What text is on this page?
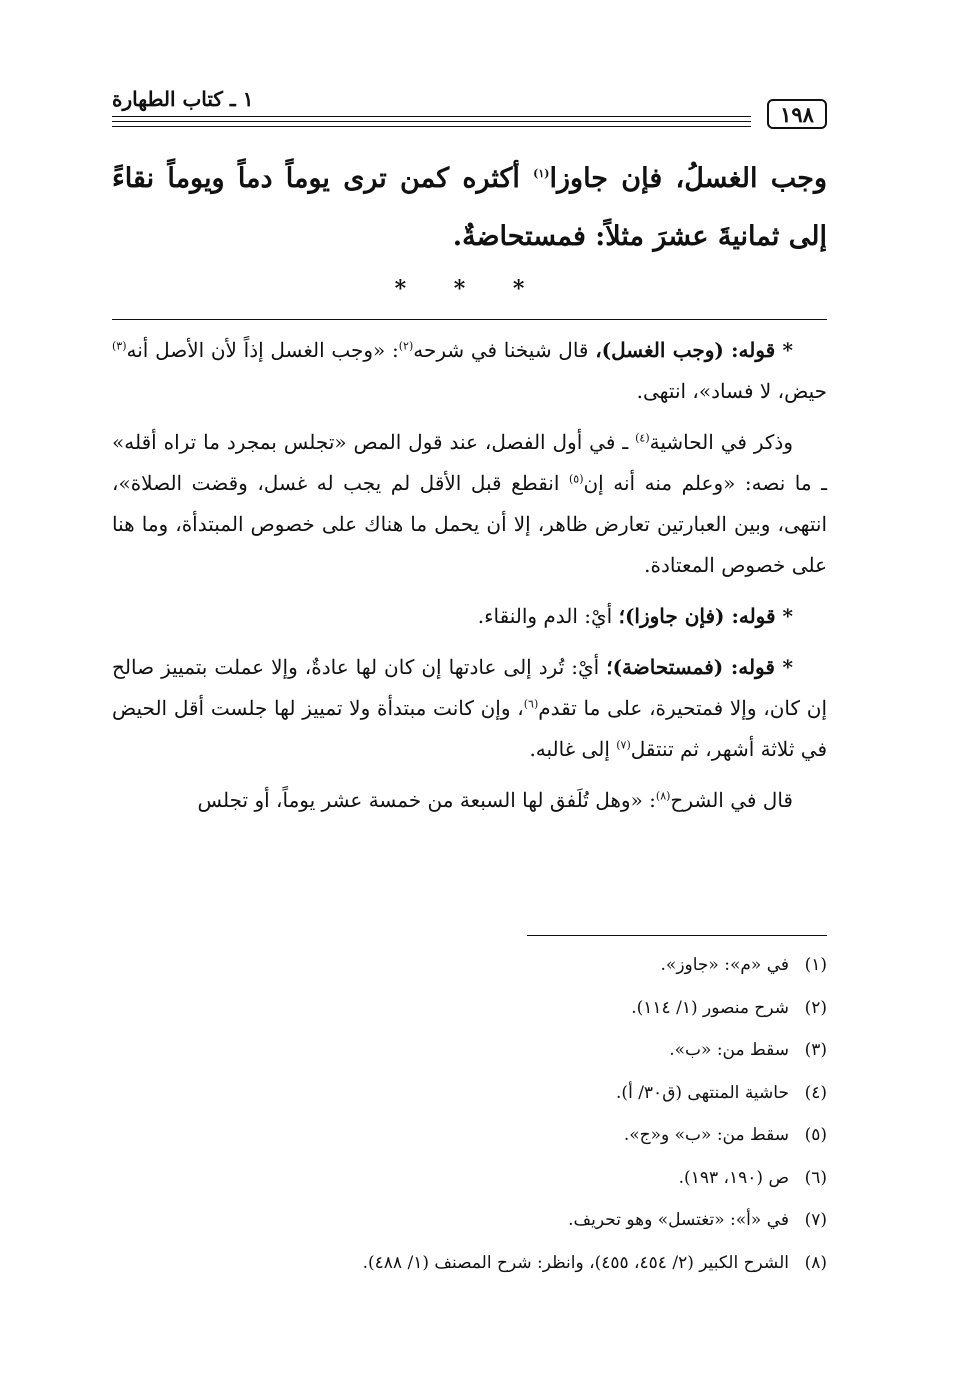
١٩٨
١ ـ كتاب الطهارة
وجب الغسلُ، فإن جاوزا$^{(١)}$ أكثره كمن ترى يوماً دماً ويوماً نقاءً إلى ثمانيةَ عشرَ مثلاً: فمستحاضةٌ.
* * *

* قوله: (وجب الغسل)، قال شيخنا في شرحه$^{(٢)}$: «وجب الغسل إذاً لأن الأصل أنه$^{(٣)}$ حيض، لا فساد»، انتهى.

وذكر في الحاشية$^{(٤)}$ ـ في أول الفصل، عند قول المص «تجلس بمجرد ما تراه أقله» ـ ما نصه: «وعلم منه أنه إن$^{(٥)}$ انقطع قبل الأقل لم يجب له غسل، وقضت الصلاة»، انتهى، وبين العبارتين تعارض ظاهر، إلا أن يحمل ما هناك على خصوص المبتدأة، وما هنا على خصوص المعتادة.

* قوله: (فإن جاوزا)؛ أيْ: الدم والنقاء.

* قوله: (فمستحاضة)؛ أيْ: تُرد إلى عادتها إن كان لها عادةٌ، وإلا عملت بتمييز صالح إن كان، وإلا فمتحيرة، على ما تقدم$^{(٦)}$، وإن كانت مبتدأة ولا تمييز لها جلست أقل الحيض في ثلاثة أشهر، ثم تنتقل$^{(٧)}$ إلى غالبه.

قال في الشرح$^{(٨)}$: «وهل تُلَفق لها السبعة من خمسة عشر يوماً، أو تجلس

(١)في «م»: «جاوز».
(٢)شرح منصور (١/ ١١٤).
(٣)سقط من: «ب».
(٤)حاشية المنتهى (ق٣٠/ أ).
(٥)سقط من: «ب» و«ج».
(٦)ص (١٩٠، ١٩٣).
(٧)في «أ»: «تغتسل» وهو تحريف.
(٨)الشرح الكبير (٢/ ٤٥٤، ٤٥٥)، وانظر: شرح المصنف (١/ ٤٨٨).
